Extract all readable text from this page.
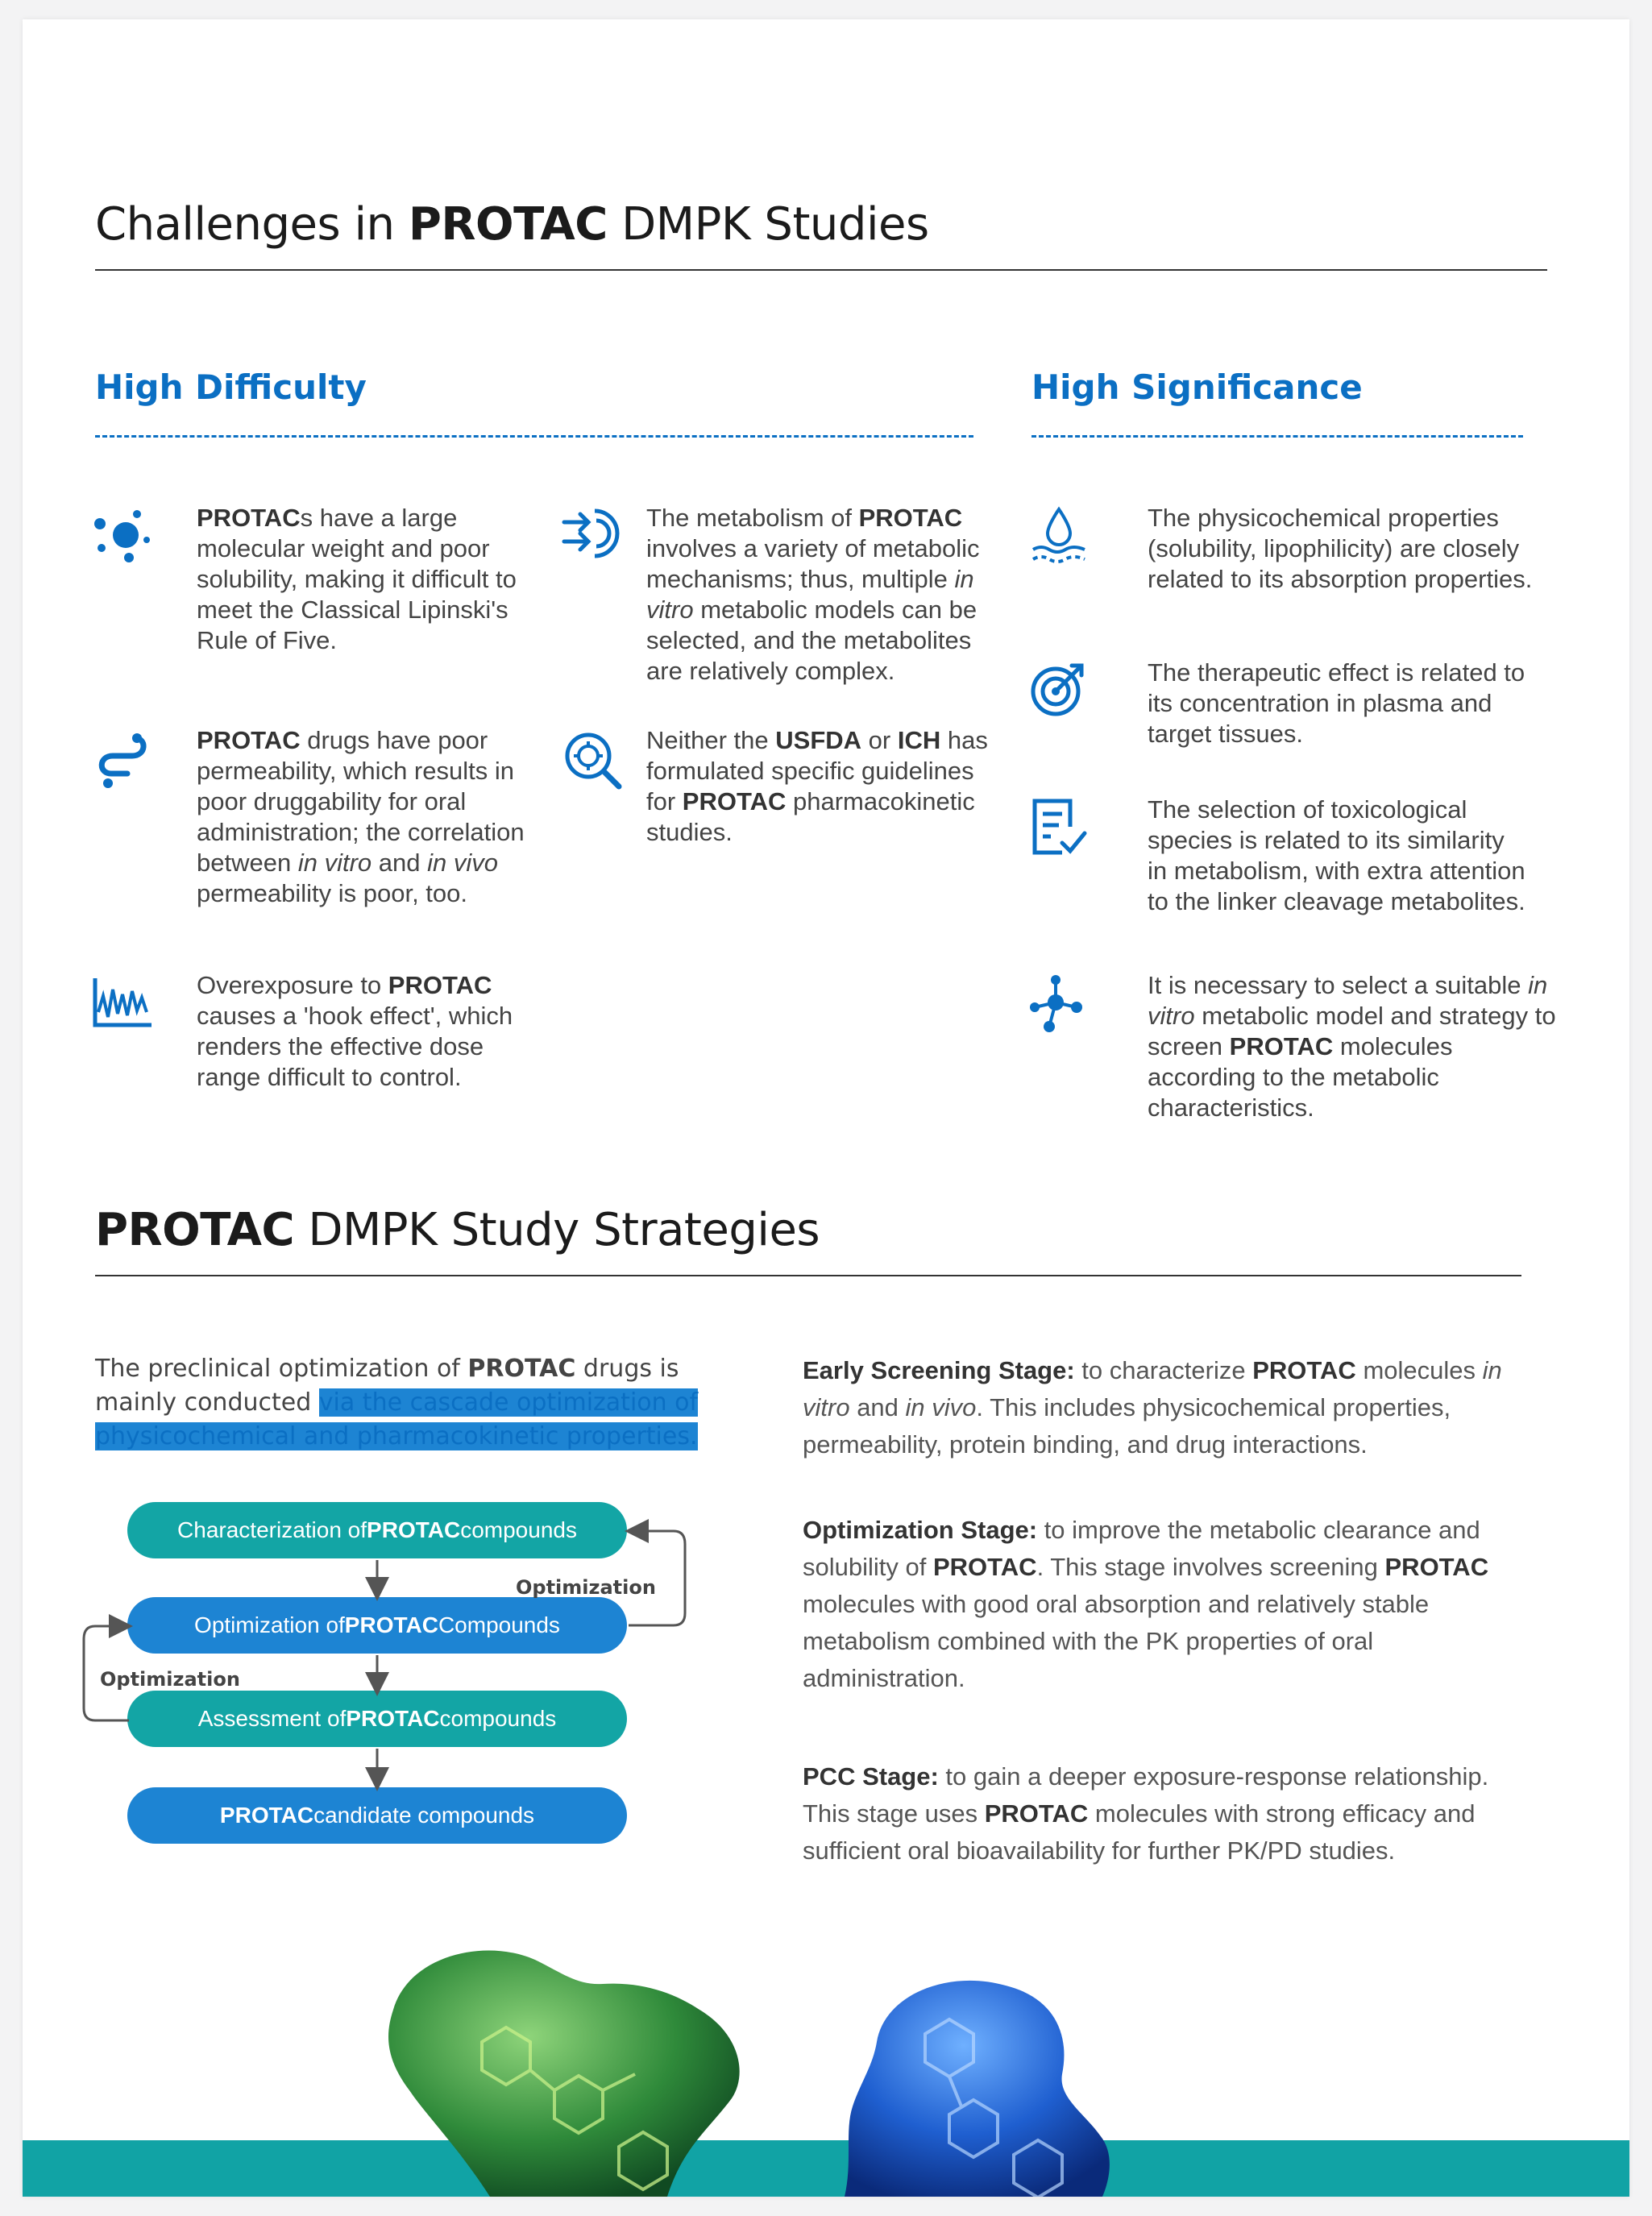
Challenges in PROTAC DMPK Studies
High Difficulty	High Significance
PROTACs have a large molecular weight and poor solubility, making it difficult to meet the Classical Lipinski's Rule of Five.
PROTAC drugs have poor permeability, which results in poor druggability for oral administration; the correlation between in vitro and in vivo permeability is poor, too.
Overexposure to PROTAC causes a 'hook effect', which renders the effective dose range difficult to control.
The metabolism of PROTAC involves a variety of metabolic mechanisms; thus, multiple in vitro metabolic models can be selected, and the metabolites are relatively complex.
Neither the USFDA or ICH has formulated specific guidelines for PROTAC pharmacokinetic studies.
The physicochemical properties (solubility, lipophilicity) are closely related to its absorption properties.
The therapeutic effect is related to its concentration in plasma and target tissues.
The selection of toxicological species is related to its similarity in metabolism, with extra attention to the linker cleavage metabolites.
It is necessary to select a suitable in vitro metabolic model and strategy to screen PROTAC molecules according to the metabolic characteristics.
PROTAC DMPK Study Strategies
The preclinical optimization of PROTAC drugs is mainly conducted via the cascade optimization of physicochemical and pharmacokinetic properties.
Characterization of PROTAC compounds
Optimization of PROTAC Compounds
Assessment of PROTAC compounds
PROTAC candidate compounds
Optimization
Optimization
Early Screening Stage: to characterize PROTAC molecules in vitro and in vivo. This includes physicochemical properties, permeability, protein binding, and drug interactions.
Optimization Stage: to improve the metabolic clearance and solubility of PROTAC. This stage involves screening PROTAC molecules with good oral absorption and relatively stable metabolism combined with the PK properties of oral administration.
PCC Stage: to gain a deeper exposure-response relationship. This stage uses PROTAC molecules with strong efficacy and sufficient oral bioavailability for further PK/PD studies.
